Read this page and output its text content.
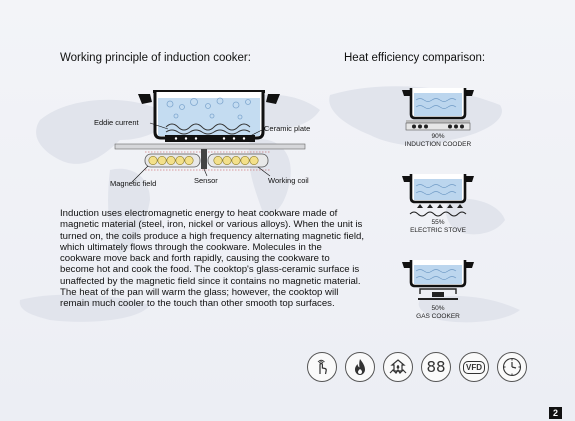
Working principle of induction cooker:	Heat efficiency comparison:
Eddie current
Ceramic plate
Magnetic field	Sensor	Working coil
90%
INDUCTION COODER
55%
ELECTRIC STOVE
50%
GAS COOKER

Induction uses electromagnetic energy to heat cookware made of magnetic material (steel, iron, nickel or various alloys). When the unit is turned on, the coils produce a high frequency alternating magnetic field, which ultimately flows through the cookware. Molecules in the cookware move back and forth rapidly, causing the cookware to become hot and cook the food. The cooktop's glass-ceramic surface is unaffected by the magnetic field since it contains no magnetic material. The heat of the pan will warm the glass; however, the cooktop will remain much cooler to the touch than other smooth top surfaces.

88	VFD
2
